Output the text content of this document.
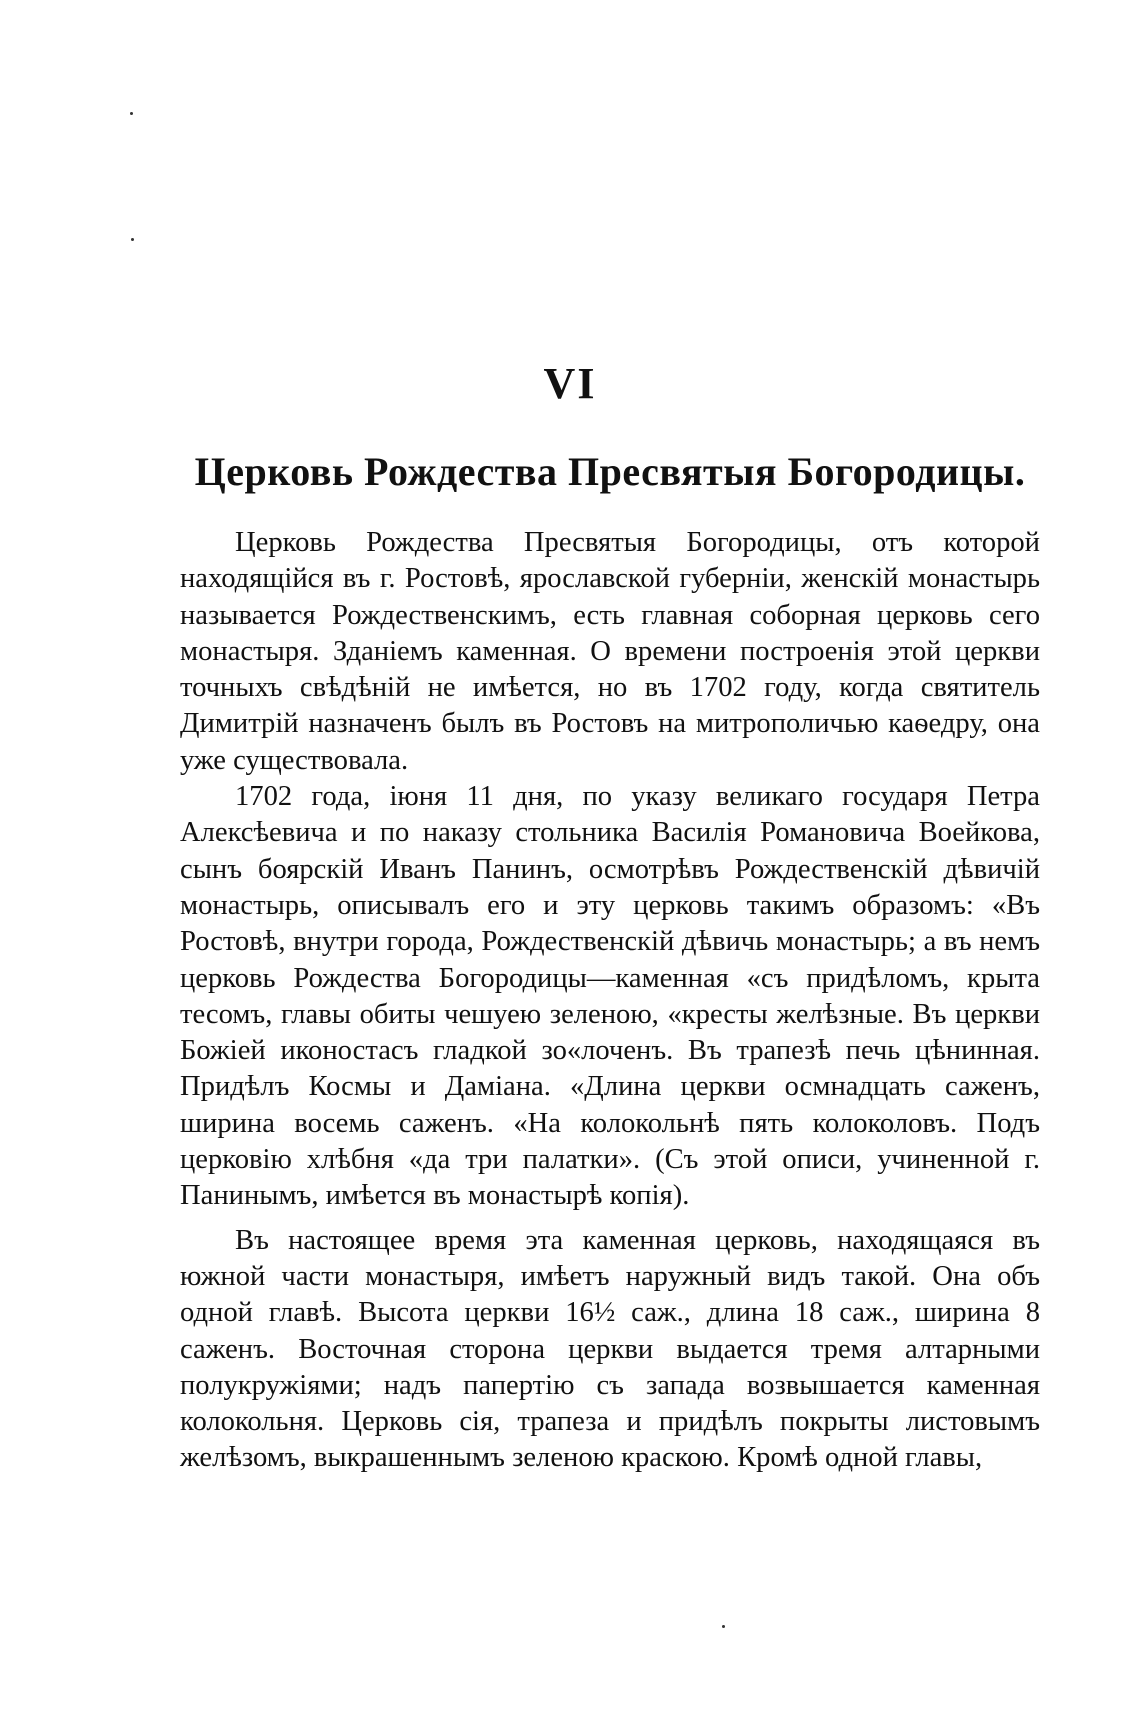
VI
Церковь Рождества Пресвятыя Богородицы.

Церковь Рождества Пресвятыя Богородицы, отъ которой находящійся въ г. Ростовѣ, ярославской губерніи, женскій монастырь называется Рождественскимъ, есть главная соборная церковь сего монастыря. Зданіемъ каменная. О времени построенія этой церкви точныхъ свѣдѣній не имѣется, но въ 1702 году, когда святитель Димитрій назначенъ былъ въ Ростовъ на митрополичью каѳедру, она уже существовала.

1702 года, іюня 11 дня, по указу великаго государя Петра Алексѣевича и по наказу стольника Василія Романовича Воейкова, сынъ боярскій Иванъ Панинъ, осмотрѣвъ Рождественскій дѣвичій монастырь, описывалъ его и эту церковь такимъ образомъ: «Въ Ростовѣ, внутри города, Рождественскій дѣвичь монастырь; а въ немъ церковь Рождества Богородицы—каменная «съ придѣломъ, крыта тесомъ, главы обиты чешуею зеленою, «кресты желѣзные. Въ церкви Божіей иконостасъ гладкой зо«лоченъ. Въ трапезѣ печь цѣнинная. Придѣлъ Космы и Даміана. «Длина церкви осмнадцать саженъ, ширина восемь саженъ. «На колокольнѣ пять колоколовъ. Подъ церковію хлѣбня «да три палатки». (Съ этой описи, учиненной г. Панинымъ, имѣется въ монастырѣ копія).

Въ настоящее время эта каменная церковь, находящаяся въ южной части монастыря, имѣетъ наружный видъ такой. Она объ одной главѣ. Высота церкви 16½ саж., длина 18 саж., ширина 8 саженъ. Восточная сторона церкви выдается тремя алтарными полукружіями; надъ папертію съ запада возвышается каменная колокольня. Церковь сія, трапеза и придѣлъ покрыты листовымъ желѣзомъ, выкрашеннымъ зеленою краскою. Кромѣ одной главы,
